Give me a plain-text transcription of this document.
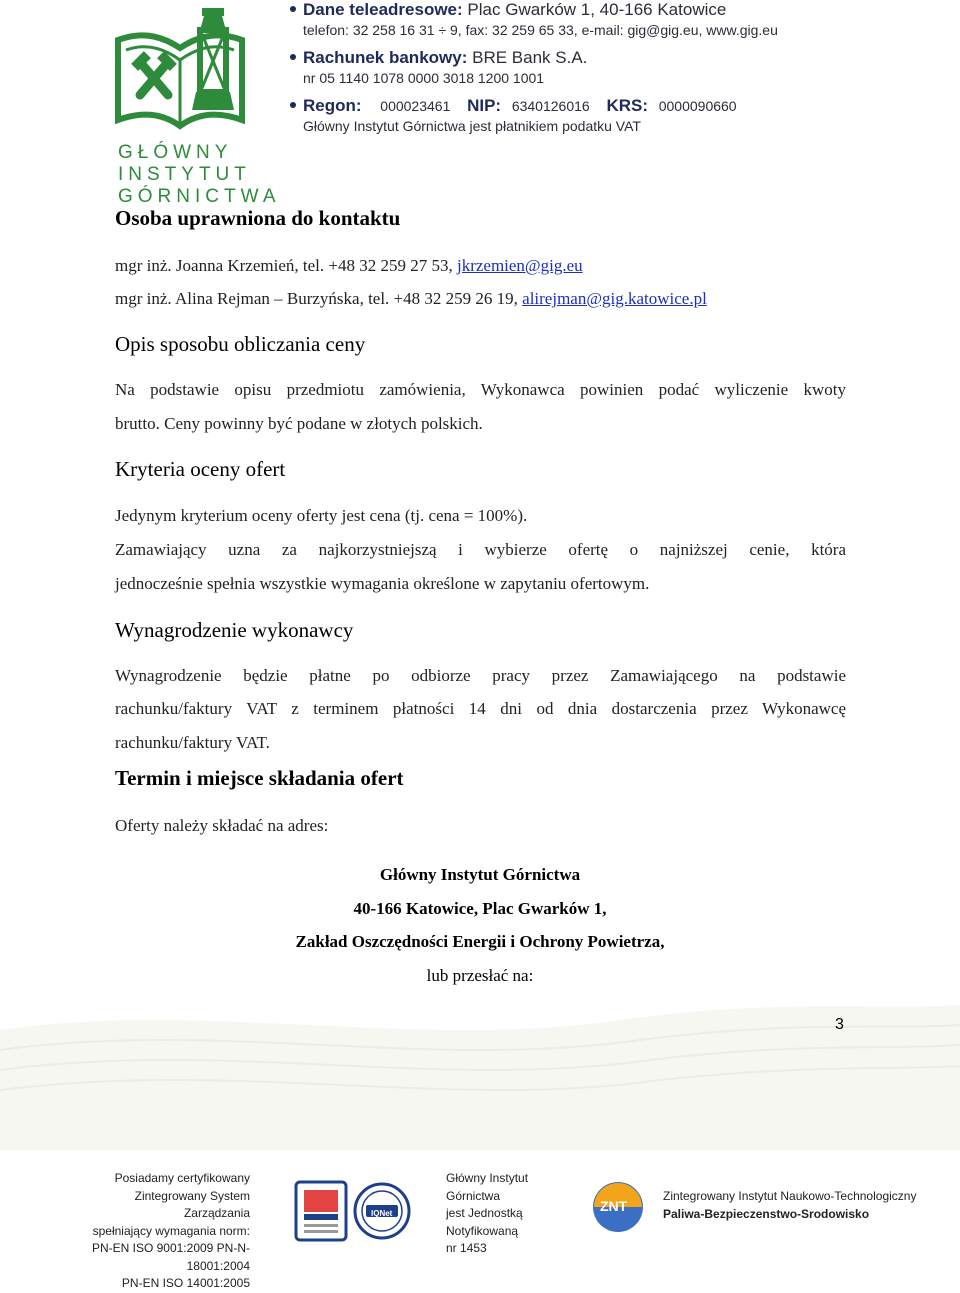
GŁÓWNY
INSTYTUT
GÓRNICTWA
Dane teleadresowe: Plac Gwarków 1, 40-166 Katowice
telefon: 32 258 16 31 ÷ 9, fax: 32 259 65 33, e-mail: gig@gig.eu, www.gig.eu
Rachunek bankowy: BRE Bank S.A.
nr 05 1140 1078 0000 3018 1200 1001
Regon: 000023461 NIP: 6340126016 KRS: 0000090660
Główny Instytut Górnictwa jest płatnikiem podatku VAT
Osoba uprawniona do kontaktu
mgr inż. Joanna Krzemień, tel. +48 32 259 27 53, jkrzemien@gig.eu
mgr inż. Alina Rejman – Burzyńska, tel. +48 32 259 26 19, alirejman@gig.katowice.pl
Opis sposobu obliczania ceny
Na podstawie opisu przedmiotu zamówienia, Wykonawca powinien podać wyliczenie kwoty
brutto. Ceny powinny być podane w złotych polskich.
Kryteria oceny ofert
Jedynym kryterium oceny oferty jest cena (tj. cena = 100%).
Zamawiający uzna za najkorzystniejszą i wybierze ofertę o najniższej cenie, która
jednocześnie spełnia wszystkie wymagania określone w zapytaniu ofertowym.
Wynagrodzenie wykonawcy
Wynagrodzenie będzie płatne po odbiorze pracy przez Zamawiającego na podstawie
rachunku/faktury VAT z terminem płatności 14 dni od dnia dostarczenia przez Wykonawcę
rachunku/faktury VAT.
Termin i miejsce składania ofert
Oferty należy składać na adres:
Główny Instytut Górnictwa
40-166 Katowice, Plac Gwarków 1,
Zakład Oszczędności Energii i Ochrony Powietrza,
lub przesłać na:
3
Posiadamy certyfikowany
Zintegrowany System Zarządzania
spełniający wymagania norm:
PN-EN ISO 9001:2009 PN-N-18001:2004
PN-EN ISO 14001:2005
IQNet
Główny Instytut
Górnictwa
jest Jednostką
Notyfikowaną
nr 1453
ZNT
Zintegrowany Instytut Naukowo-Technologiczny
Paliwa-Bezpieczenstwo-Srodowisko
